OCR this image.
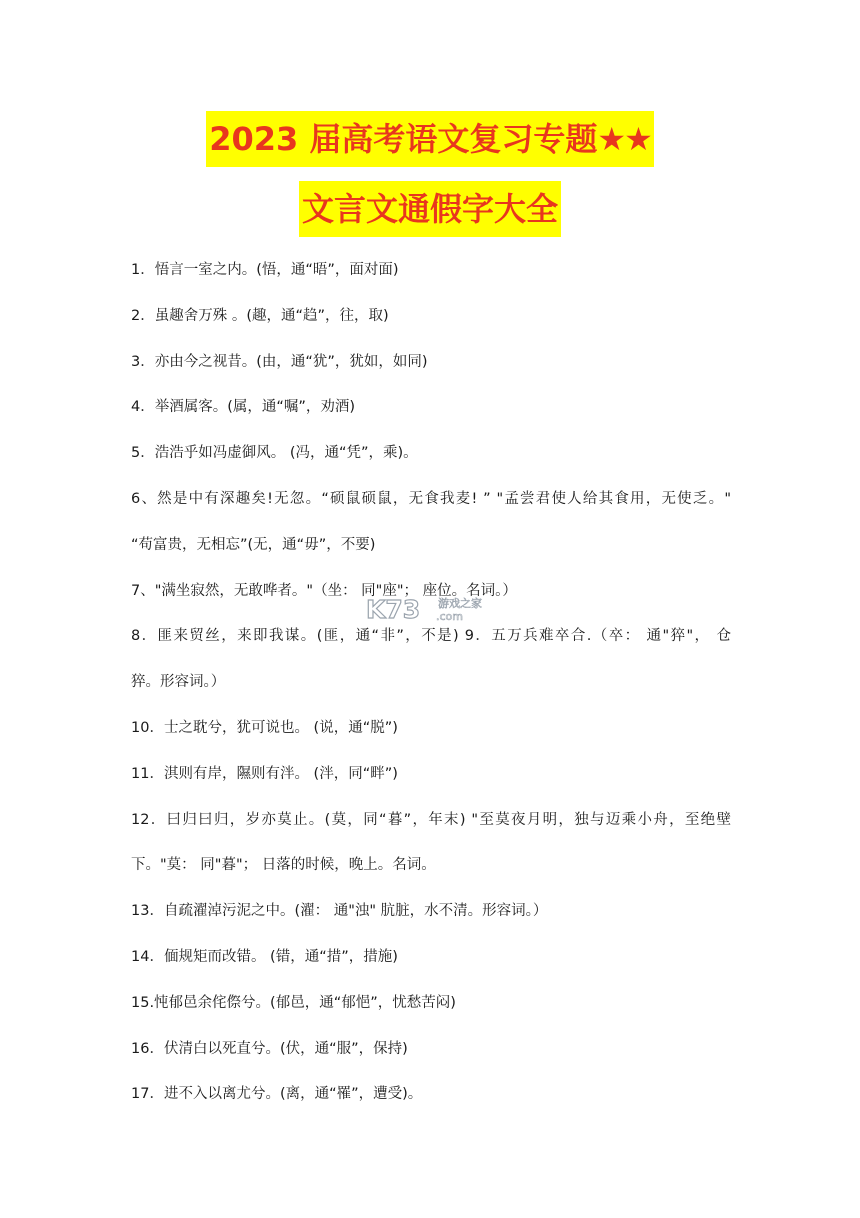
2023 届高考语文复习专题★★
文言文通假字大全
1．悟言一室之内。(悟，通“晤”，面对面)
2．虽趣舍万殊 。(趣，通“趋”，往，取)
3．亦由今之视昔。(由，通“犹”，犹如，如同)
4．举酒属客。(属，通“嘱”，劝酒)
5．浩浩乎如冯虚御风。 (冯，通“凭”，乘)。
6、然是中有深趣矣!无忽。“硕鼠硕鼠，无食我麦! ” "孟尝君使人给其食用，无使乏。"
“苟富贵，无相忘”(无，通“毋”，不要)
7、"满坐寂然，无敢哗者。"（坐： 同"座"； 座位。名词。）
8．匪来贸丝，来即我谋。(匪，通“非”，不是) 9．五万兵难卒合.（卒： 通"猝"， 仓
猝。形容词。）
10．士之耽兮，犹可说也。 (说，通“脱”)
11．淇则有岸，隰则有泮。 (泮，同“畔”)
12．曰归曰归，岁亦莫止。(莫，同“暮”，年末) "至莫夜月明，独与迈乘小舟，至绝壁
下。"莫： 同"暮"； 日落的时候，晚上。名词。
13．自疏濯淖污泥之中。(濯： 通"浊" 肮脏，水不清。形容词。）
14．偭规矩而改错。 (错，通“措”，措施)
15.忳郁邑余侘傺兮。(郁邑，通“郁悒”，忧愁苦闷)
16．伏清白以死直兮。(伏，通“服”，保持)
17．进不入以离尤兮。(离，通“罹”，遭受)。
K73 游戏之家
.com
